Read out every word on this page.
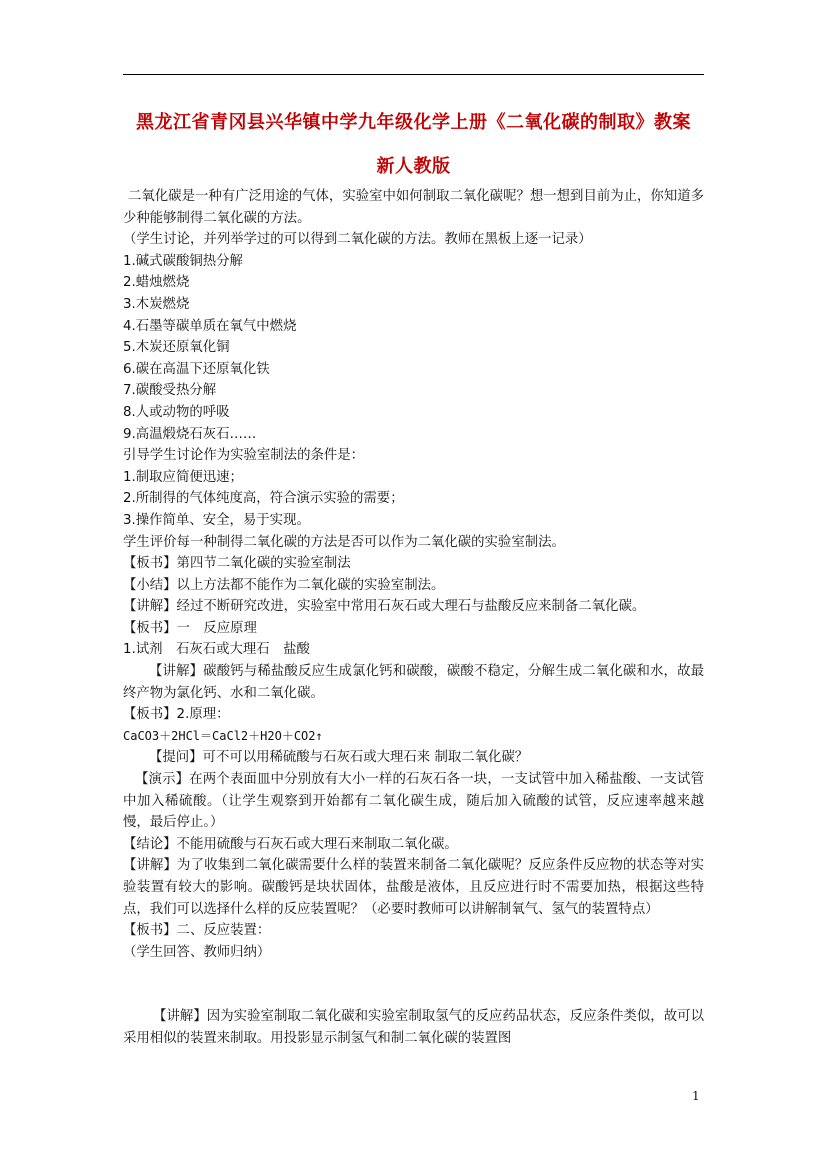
黑龙江省青冈县兴华镇中学九年级化学上册《二氧化碳的制取》教案
新人教版

二氧化碳是一种有广泛用途的气体，实验室中如何制取二氧化碳呢？想一想到目前为止，你知道多少种能够制得二氧化碳的方法。

（学生讨论，并列举学过的可以得到二氧化碳的方法。教师在黑板上逐一记录）

1.碱式碳酸铜热分解

2.蜡烛燃烧

3.木炭燃烧

4.石墨等碳单质在氧气中燃烧

5.木炭还原氧化铜

6.碳在高温下还原氧化铁

7.碳酸受热分解

8.人或动物的呼吸

9.高温煅烧石灰石……

引导学生讨论作为实验室制法的条件是：

1.制取应简便迅速；

2.所制得的气体纯度高，符合演示实验的需要；

3.操作简单、安全，易于实现。

学生评价每一种制得二氧化碳的方法是否可以作为二氧化碳的实验室制法。

【板书】第四节二氧化碳的实验室制法

【小结】以上方法都不能作为二氧化碳的实验室制法。

【讲解】经过不断研究改进，实验室中常用石灰石或大理石与盐酸反应来制备二氧化碳。

【板书】一　反应原理

1.试剂　石灰石或大理石　盐酸

【讲解】碳酸钙与稀盐酸反应生成氯化钙和碳酸，碳酸不稳定，分解生成二氧化碳和水，故最终产物为氯化钙、水和二氧化碳。

【板书】2.原理：

CaCO3＋2HCl＝CaCl2＋H2O＋CO2↑

【提问】可不可以用稀硫酸与石灰石或大理石来 制取二氧化碳？

【演示】在两个表面皿中分别放有大小一样的石灰石各一块，一支试管中加入稀盐酸、一支试管中加入稀硫酸。（让学生观察到开始都有二氧化碳生成，随后加入硫酸的试管，反应速率越来越慢，最后停止。）

【结论】不能用硫酸与石灰石或大理石来制取二氧化碳。

【讲解】为了收集到二氧化碳需要什么样的装置来制备二氧化碳呢？反应条件反应物的状态等对实验装置有较大的影响。碳酸钙是块状固体，盐酸是液体，且反应进行时不需要加热，根据这些特点，我们可以选择什么样的反应装置呢？（必要时教师可以讲解制氧气、氢气的装置特点）

【板书】二、反应装置：

（学生回答、教师归纳）

【讲解】因为实验室制取二氧化碳和实验室制取氢气的反应药品状态，反应条件类似，故可以采用相似的装置来制取。用投影显示制氢气和制二氧化碳的装置图

1
